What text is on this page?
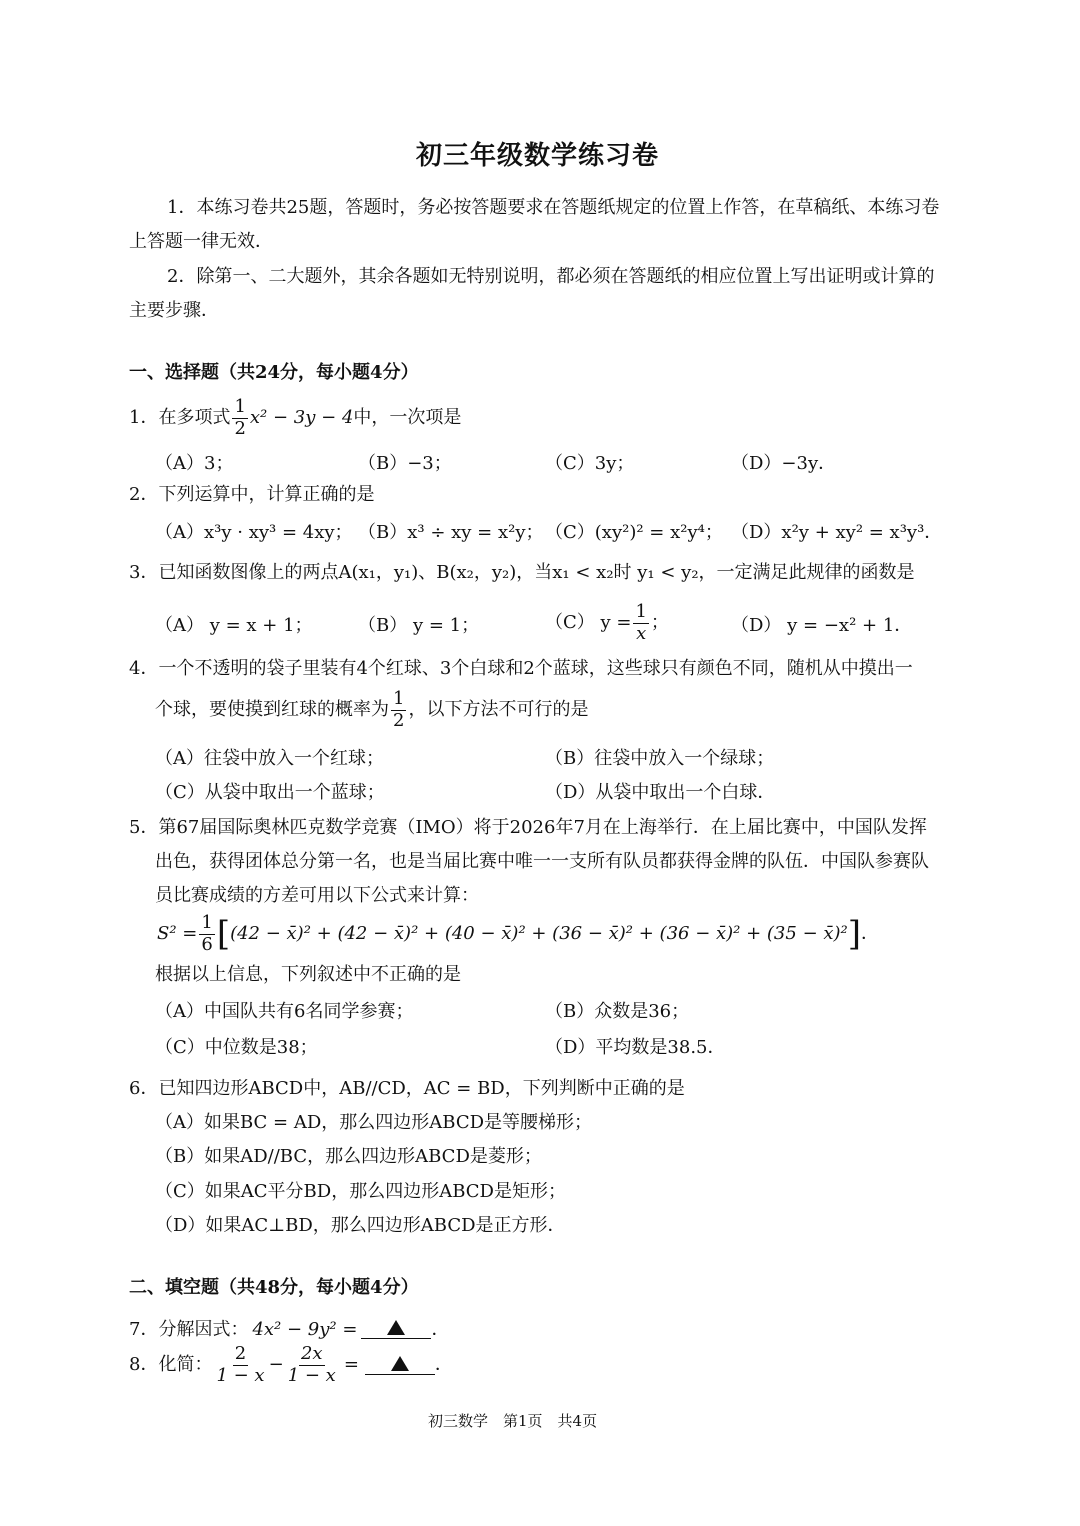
初三年级数学练习卷
1．本练习卷共25题，答题时，务必按答题要求在答题纸规定的位置上作答，在草稿纸、本练习卷
上答题一律无效．
2．除第一、二大题外，其余各题如无特别说明，都必须在答题纸的相应位置上写出证明或计算的
主要步骤．
一、选择题（共24分，每小题4分）
1．在多项式 $\frac{1}{2} x^2 - 3y - 4$ 中，一次项是
（A）3；	（B）−3；	（C）3y；	（D）−3y．
2．下列运算中，计算正确的是
（A）x³y · xy³ = 4xy； （B）x³ ÷ xy = x²y； （C）(xy²)² = x²y⁴； （D）x²y + xy² = x³y³．
3．已知函数图像上的两点A(x₁，y₁)、B(x₂，y₂)，当x₁ < x₂时 y₁ < y₂，一定满足此规律的函数是
（A） y = x + 1；	（B） y = 1；	（C） $y = \frac{1}{x}$ ；	（D） y = −x² + 1．
4．一个不透明的袋子里装有4个红球、3个白球和2个蓝球，这些球只有颜色不同，随机从中摸出一
个球，要使摸到红球的概率为 $\frac{1}{2}$ ，以下方法不可行的是
（A）往袋中放入一个红球；	（B）往袋中放入一个绿球；
（C）从袋中取出一个蓝球；	（D）从袋中取出一个白球．
5．第67届国际奥林匹克数学竞赛（IMO）将于2026年7月在上海举行．在上届比赛中，中国队发挥
出色，获得团体总分第一名，也是当届比赛中唯一一支所有队员都获得金牌的队伍．中国队参赛队
员比赛成绩的方差可用以下公式来计算：
$S^2 = \frac{1}{6}$ [ (42 − x̄)² + (42 − x̄)² + (40 − x̄)² + (36 − x̄)² + (36 − x̄)² + (35 − x̄)² ] ．
根据以上信息，下列叙述中不正确的是
（A）中国队共有6名同学参赛；	（B）众数是36；
（C）中位数是38；	（D）平均数是38.5．
6．已知四边形ABCD中，AB//CD，AC = BD，下列判断中正确的是
（A）如果BC = AD，那么四边形ABCD是等腰梯形；
（B）如果AD//BC，那么四边形ABCD是菱形；
（C）如果AC平分BD，那么四边形ABCD是矩形；
（D）如果AC⊥BD，那么四边形ABCD是正方形．
二、填空题（共48分，每小题4分）
7．分解因式： 4x² − 9y² =	．
8．化简： $\frac{2}{1 - x} - \frac{2x}{1 - x}$ =	．
初三数学　第1页　共4页
